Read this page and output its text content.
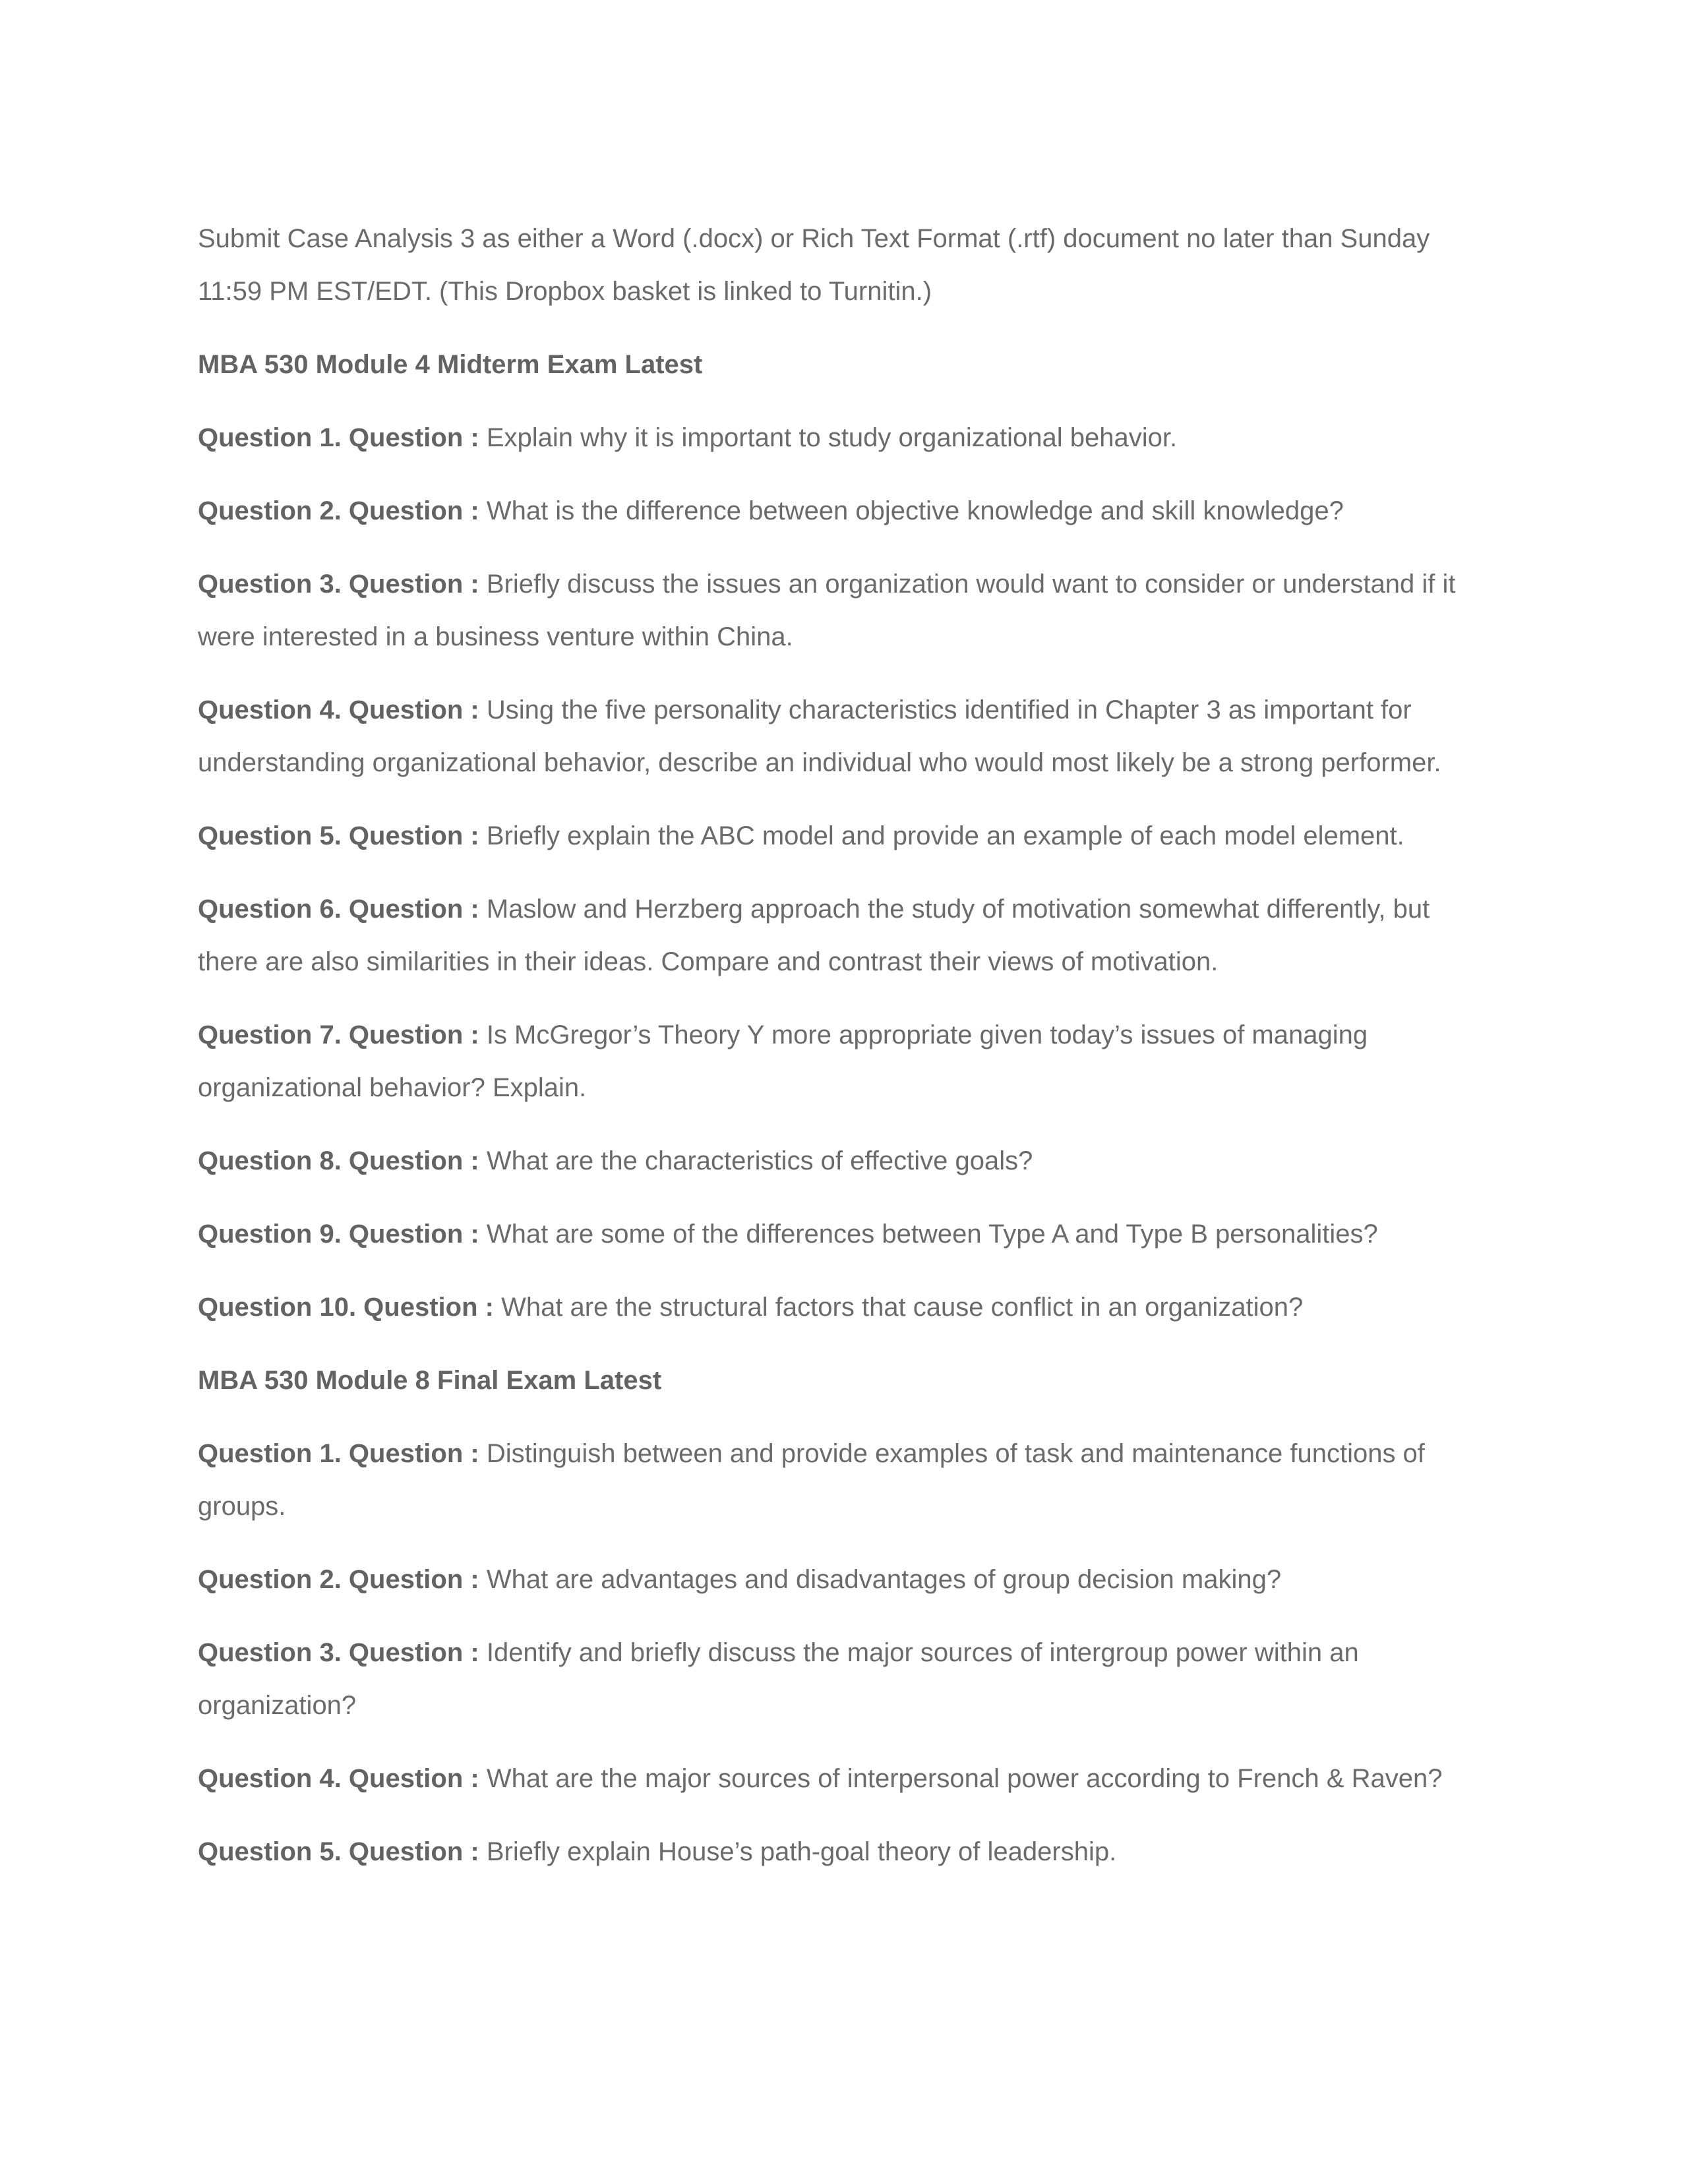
Submit Case Analysis 3 as either a Word (.docx) or Rich Text Format (.rtf) document no later than Sunday 11:59 PM EST/EDT. (This Dropbox basket is linked to Turnitin.)

MBA 530 Module 4 Midterm Exam Latest

Question 1. Question : Explain why it is important to study organizational behavior.

Question 2. Question : What is the difference between objective knowledge and skill knowledge?

Question 3. Question : Briefly discuss the issues an organization would want to consider or understand if it were interested in a business venture within China.

Question 4. Question : Using the five personality characteristics identified in Chapter 3 as important for understanding organizational behavior, describe an individual who would most likely be a strong performer.

Question 5. Question : Briefly explain the ABC model and provide an example of each model element.

Question 6. Question : Maslow and Herzberg approach the study of motivation somewhat differently, but there are also similarities in their ideas. Compare and contrast their views of motivation.

Question 7. Question : Is McGregor’s Theory Y more appropriate given today’s issues of managing organizational behavior? Explain.

Question 8. Question : What are the characteristics of effective goals?

Question 9. Question : What are some of the differences between Type A and Type B personalities?

Question 10. Question : What are the structural factors that cause conflict in an organization?

MBA 530 Module 8 Final Exam Latest

Question 1. Question : Distinguish between and provide examples of task and maintenance functions of groups.

Question 2. Question : What are advantages and disadvantages of group decision making?

Question 3. Question : Identify and briefly discuss the major sources of intergroup power within an organization?

Question 4. Question : What are the major sources of interpersonal power according to French & Raven?

Question 5. Question : Briefly explain House’s path-goal theory of leadership.
